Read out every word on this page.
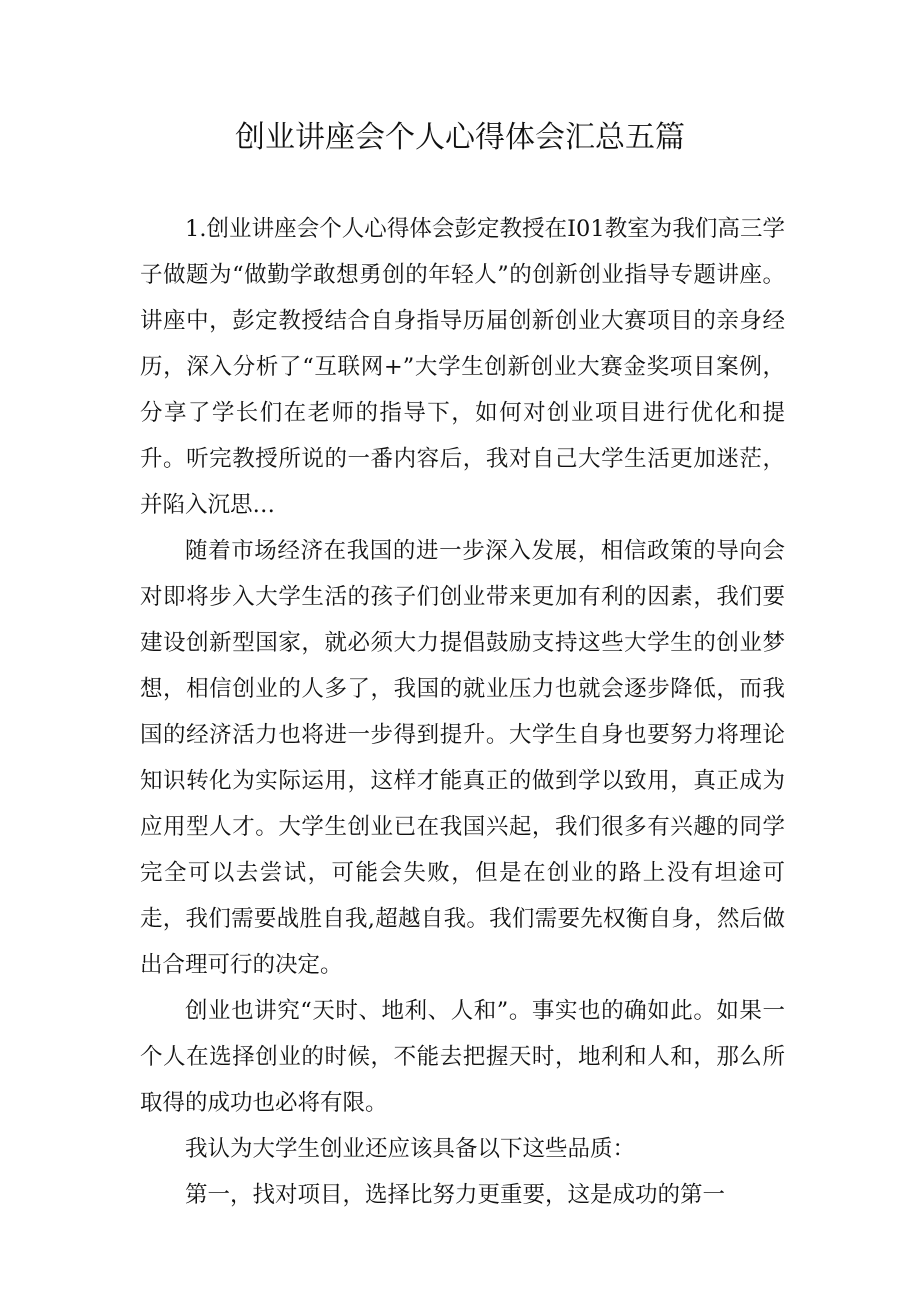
创业讲座会个人心得体会汇总五篇

1.创业讲座会个人心得体会彭定教授在I01教室为我们高三学子做题为“做勤学敢想勇创的年轻人”的创新创业指导专题讲座。讲座中，彭定教授结合自身指导历届创新创业大赛项目的亲身经历，深入分析了“互联网+”大学生创新创业大赛金奖项目案例，分享了学长们在老师的指导下，如何对创业项目进行优化和提升。听完教授所说的一番内容后，我对自己大学生活更加迷茫，并陷入沉思…

随着市场经济在我国的进一步深入发展，相信政策的导向会对即将步入大学生活的孩子们创业带来更加有利的因素，我们要建设创新型国家，就必须大力提倡鼓励支持这些大学生的创业梦想，相信创业的人多了，我国的就业压力也就会逐步降低，而我国的经济活力也将进一步得到提升。大学生自身也要努力将理论知识转化为实际运用，这样才能真正的做到学以致用，真正成为应用型人才。大学生创业已在我国兴起，我们很多有兴趣的同学完全可以去尝试，可能会失败，但是在创业的路上没有坦途可走，我们需要战胜自我,超越自我。我们需要先权衡自身，然后做出合理可行的决定。

创业也讲究“天时、地利、人和”。事实也的确如此。如果一个人在选择创业的时候，不能去把握天时，地利和人和，那么所取得的成功也必将有限。

我认为大学生创业还应该具备以下这些品质：

第一，找对项目，选择比努力更重要，这是成功的第一
